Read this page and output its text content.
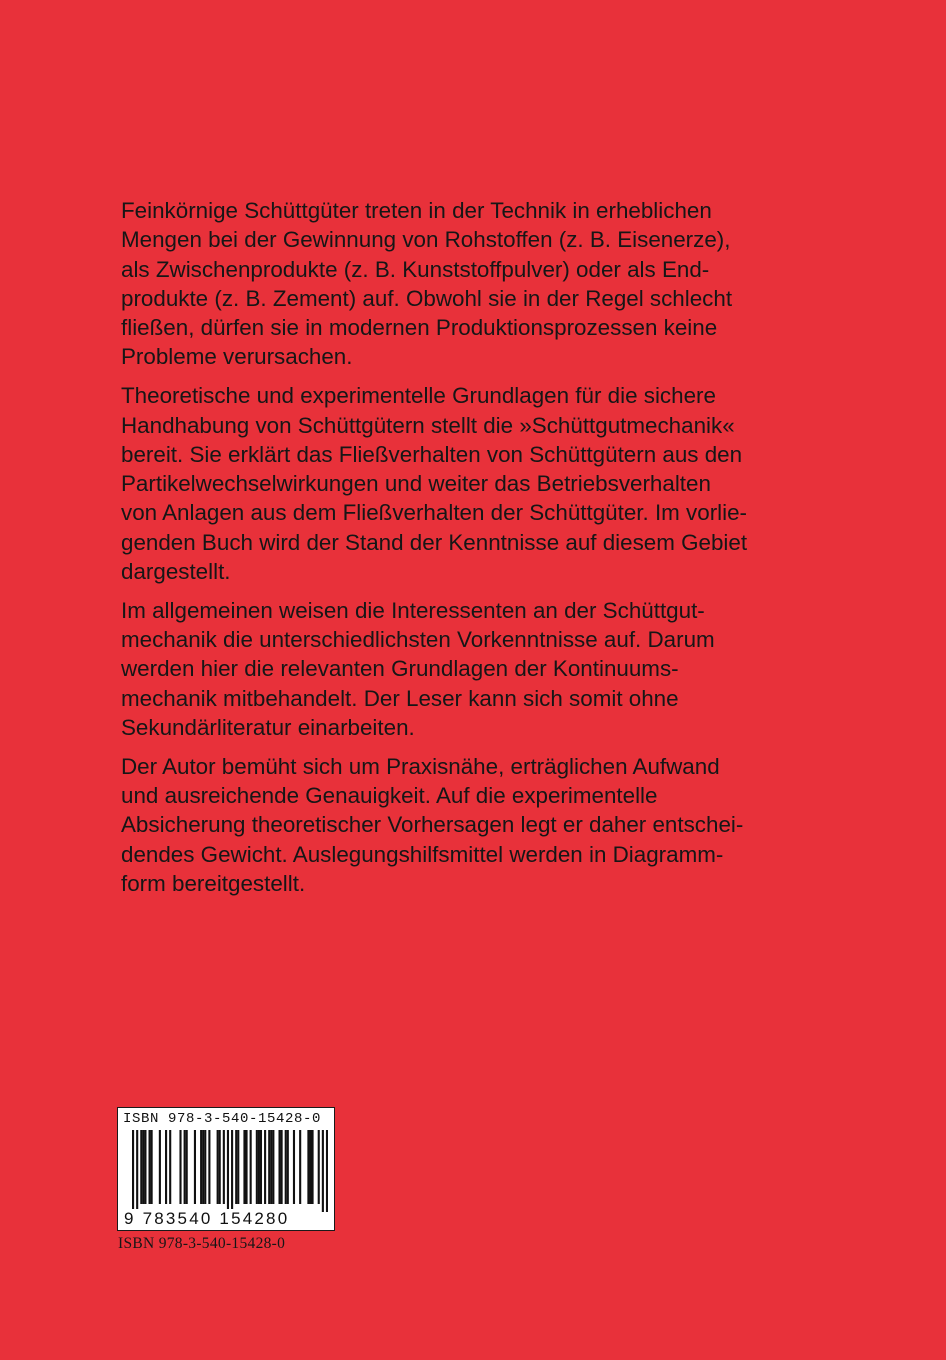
Feinkörnige Schüttgüter treten in der Technik in erheblichen
Mengen bei der Gewinnung von Rohstoffen (z. B. Eisenerze),
als Zwischenprodukte (z. B. Kunststoffpulver) oder als End-
produkte (z. B. Zement) auf. Obwohl sie in der Regel schlecht
fließen, dürfen sie in modernen Produktionsprozessen keine
Probleme verursachen.

Theoretische und experimentelle Grundlagen für die sichere
Handhabung von Schüttgütern stellt die »Schüttgutmechanik«
bereit. Sie erklärt das Fließverhalten von Schüttgütern aus den
Partikelwechselwirkungen und weiter das Betriebsverhalten
von Anlagen aus dem Fließverhalten der Schüttgüter. Im vorlie-
genden Buch wird der Stand der Kenntnisse auf diesem Gebiet
dargestellt.

Im allgemeinen weisen die Interessenten an der Schüttgut-
mechanik die unterschiedlichsten Vorkenntnisse auf. Darum
werden hier die relevanten Grundlagen der Kontinuums-
mechanik mitbehandelt. Der Leser kann sich somit ohne
Sekundärliteratur einarbeiten.

Der Autor bemüht sich um Praxisnähe, erträglichen Aufwand
und ausreichende Genauigkeit. Auf die experimentelle
Absicherung theoretischer Vorhersagen legt er daher entschei-
dendes Gewicht. Auslegungshilfsmittel werden in Diagramm-
form bereitgestellt.

ISBN 978-3-540-15428-0
9 783540 154280
ISBN 978-3-540-15428-0
